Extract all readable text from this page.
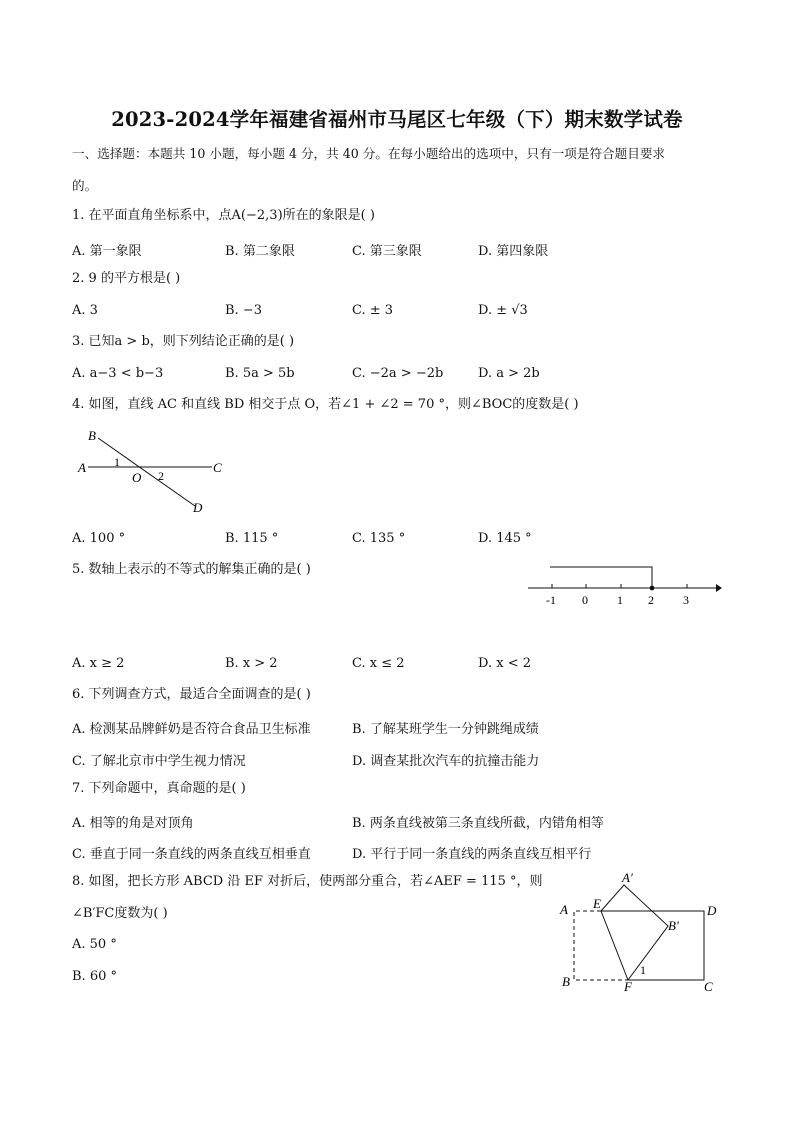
2023-2024学年福建省福州市马尾区七年级（下）期末数学试卷
一、选择题：本题共 10 小题，每小题 4 分，共 40 分。在每小题给出的选项中，只有一项是符合题目要求
的。
1. 在平面直角坐标系中，点A(−2,3)所在的象限是( )
A. 第一象限	B. 第二象限	C. 第三象限	D. 第四象限
2. 9 的平方根是( )
A. 3	B. −3	C. ± 3	D. ± √3
3. 已知a > b，则下列结论正确的是( )
A. a−3 < b−3	B. 5a > 5b	C. −2a > −2b	D. a > 2b
4. 如图，直线 AC 和直线 BD 相交于点 O，若∠1 + ∠2 = 70 °，则∠BOC的度数是( )
B
A 1
O 2
C
D
A. 100 °	B. 115 °	C. 135 °	D. 145 °
5. 数轴上表示的不等式的解集正确的是( )
-1 0 1 2 3
A. x ≥ 2	B. x > 2	C. x ≤ 2	D. x < 2
6. 下列调查方式，最适合全面调查的是( )
A. 检测某品牌鲜奶是否符合食品卫生标准	B. 了解某班学生一分钟跳绳成绩
C. 了解北京市中学生视力情况	D. 调查某批次汽车的抗撞击能力
7. 下列命题中，真命题的是( )
A. 相等的角是对顶角	B. 两条直线被第三条直线所截，内错角相等
C. 垂直于同一条直线的两条直线互相垂直	D. 平行于同一条直线的两条直线互相平行
8. 如图，把长方形 ABCD 沿 EF 对折后，使两部分重合，若∠AEF = 115 °，则
∠B′FC度数为( )
A. 50 °
B. 60 °
A′
A E	D
B′
1
B	F	C
